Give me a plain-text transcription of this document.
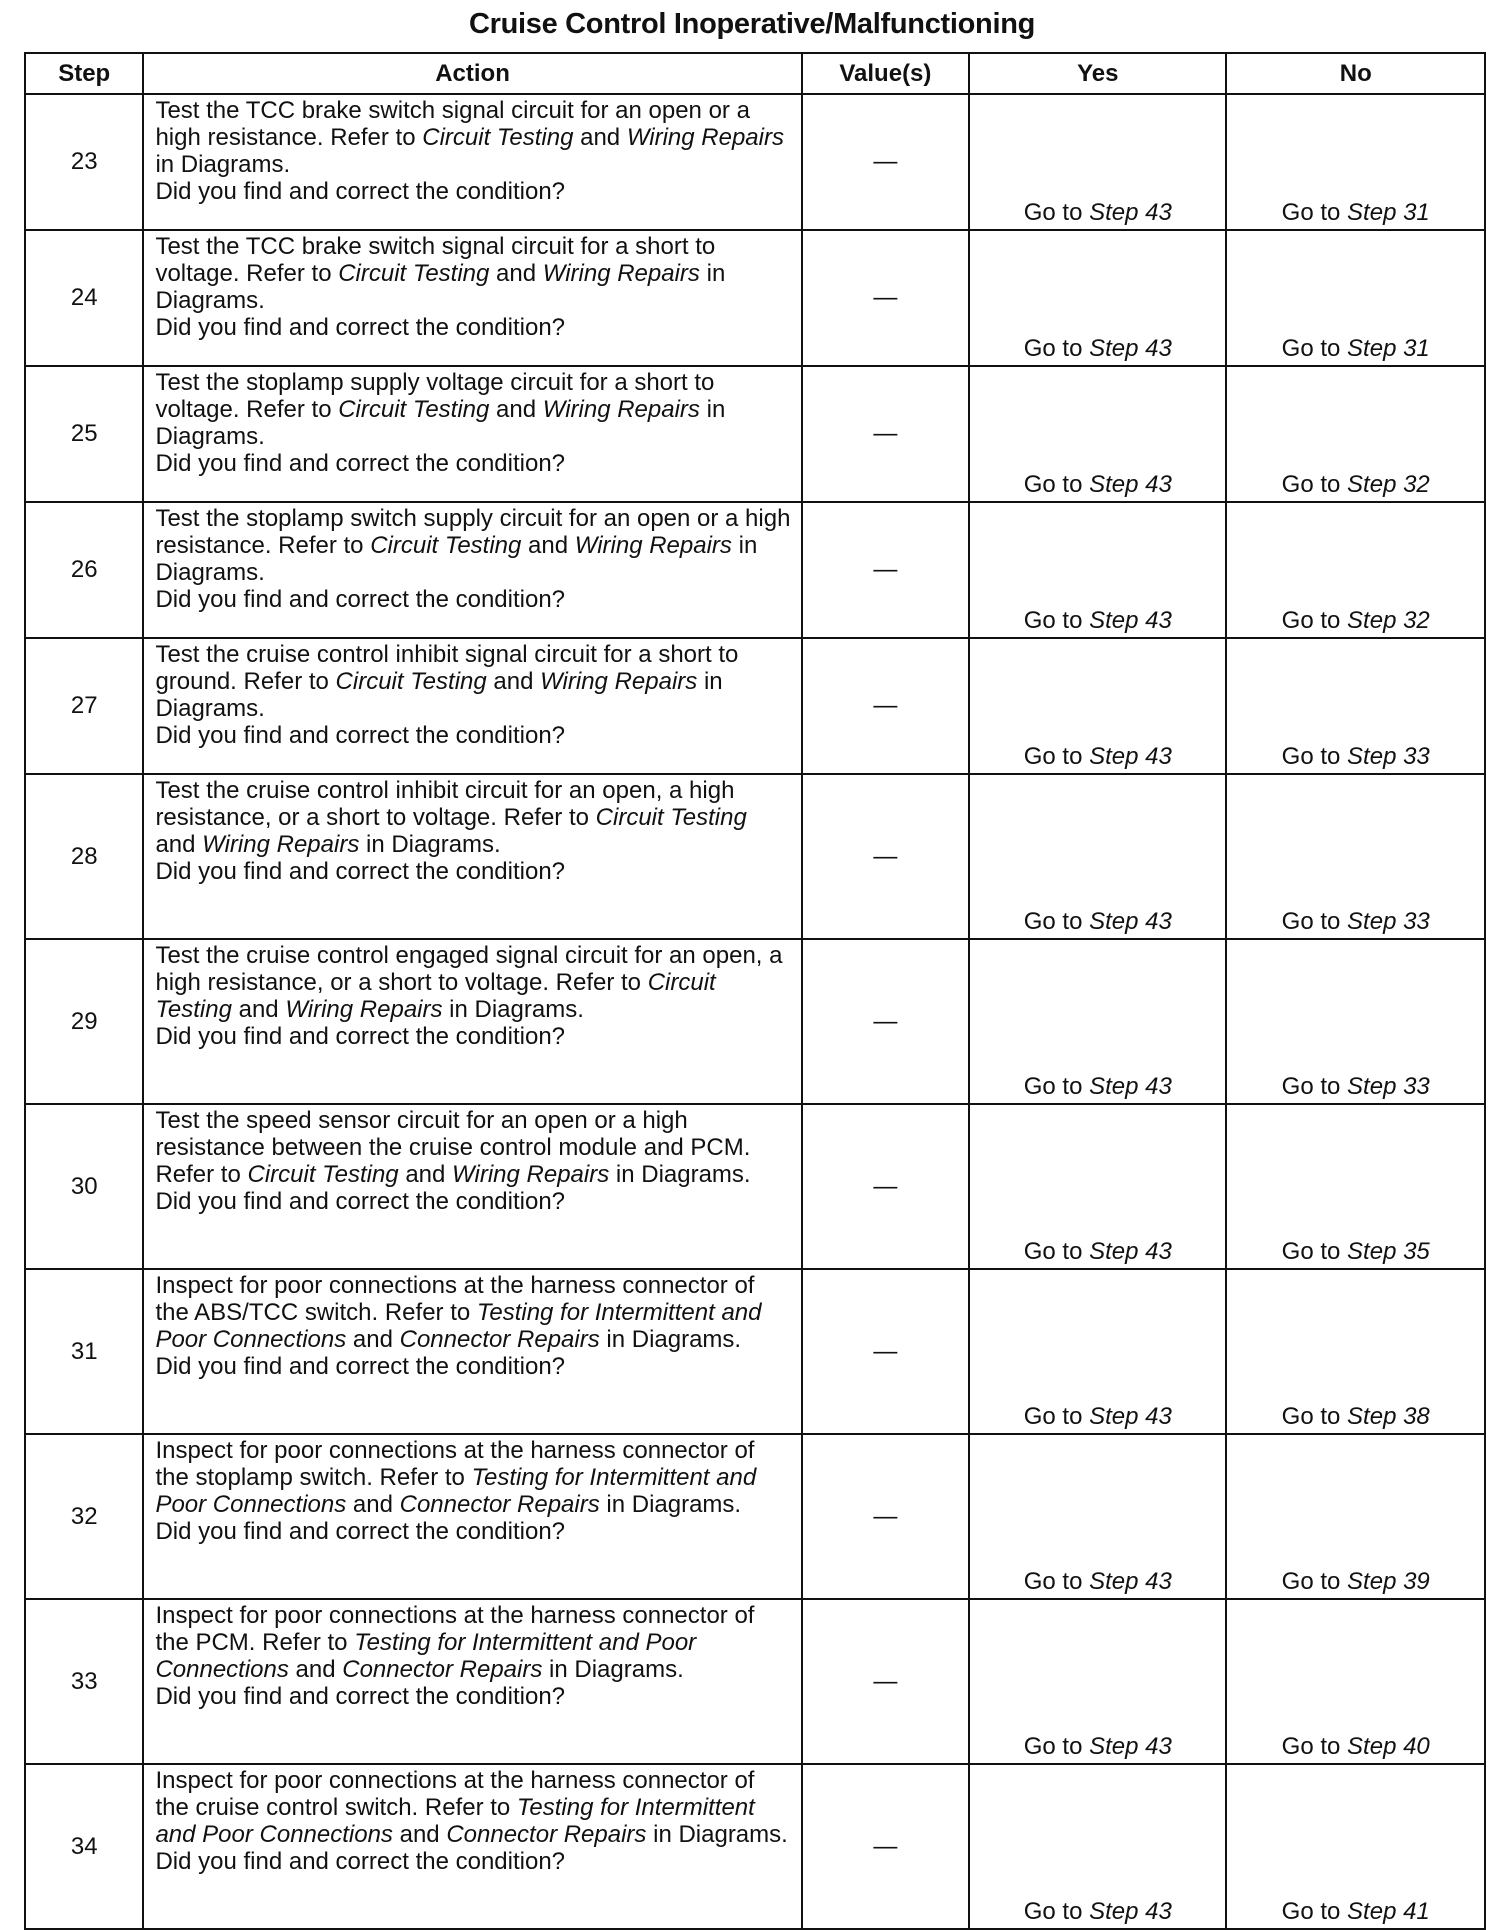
Cruise Control Inoperative/Malfunctioning
Step	Action	Value(s)	Yes	No
23	Test the TCC brake switch signal circuit for an open or a high resistance. Refer to Circuit Testing and Wiring Repairs in Diagrams.
Did you find and correct the condition?	—	Go to Step 43	Go to Step 31
24	Test the TCC brake switch signal circuit for a short to voltage. Refer to Circuit Testing and Wiring Repairs in Diagrams.
Did you find and correct the condition?	—	Go to Step 43	Go to Step 31
25	Test the stoplamp supply voltage circuit for a short to voltage. Refer to Circuit Testing and Wiring Repairs in Diagrams.
Did you find and correct the condition?	—	Go to Step 43	Go to Step 32
26	Test the stoplamp switch supply circuit for an open or a high resistance. Refer to Circuit Testing and Wiring Repairs in Diagrams.
Did you find and correct the condition?	—	Go to Step 43	Go to Step 32
27	Test the cruise control inhibit signal circuit for a short to ground. Refer to Circuit Testing and Wiring Repairs in Diagrams.
Did you find and correct the condition?	—	Go to Step 43	Go to Step 33
28	Test the cruise control inhibit circuit for an open, a high resistance, or a short to voltage. Refer to Circuit Testing and Wiring Repairs in Diagrams.
Did you find and correct the condition?	—	Go to Step 43	Go to Step 33
29	Test the cruise control engaged signal circuit for an open, a high resistance, or a short to voltage. Refer to Circuit Testing and Wiring Repairs in Diagrams.
Did you find and correct the condition?	—	Go to Step 43	Go to Step 33
30	Test the speed sensor circuit for an open or a high resistance between the cruise control module and PCM. Refer to Circuit Testing and Wiring Repairs in Diagrams.
Did you find and correct the condition?	—	Go to Step 43	Go to Step 35
31	Inspect for poor connections at the harness connector of the ABS/TCC switch. Refer to Testing for Intermittent and Poor Connections and Connector Repairs in Diagrams.
Did you find and correct the condition?	—	Go to Step 43	Go to Step 38
32	Inspect for poor connections at the harness connector of the stoplamp switch. Refer to Testing for Intermittent and Poor Connections and Connector Repairs in Diagrams.
Did you find and correct the condition?	—	Go to Step 43	Go to Step 39
33	Inspect for poor connections at the harness connector of the PCM. Refer to Testing for Intermittent and Poor Connections and Connector Repairs in Diagrams.
Did you find and correct the condition?	—	Go to Step 43	Go to Step 40
34	Inspect for poor connections at the harness connector of the cruise control switch. Refer to Testing for Intermittent and Poor Connections and Connector Repairs in Diagrams.
Did you find and correct the condition?	—	Go to Step 43	Go to Step 41
